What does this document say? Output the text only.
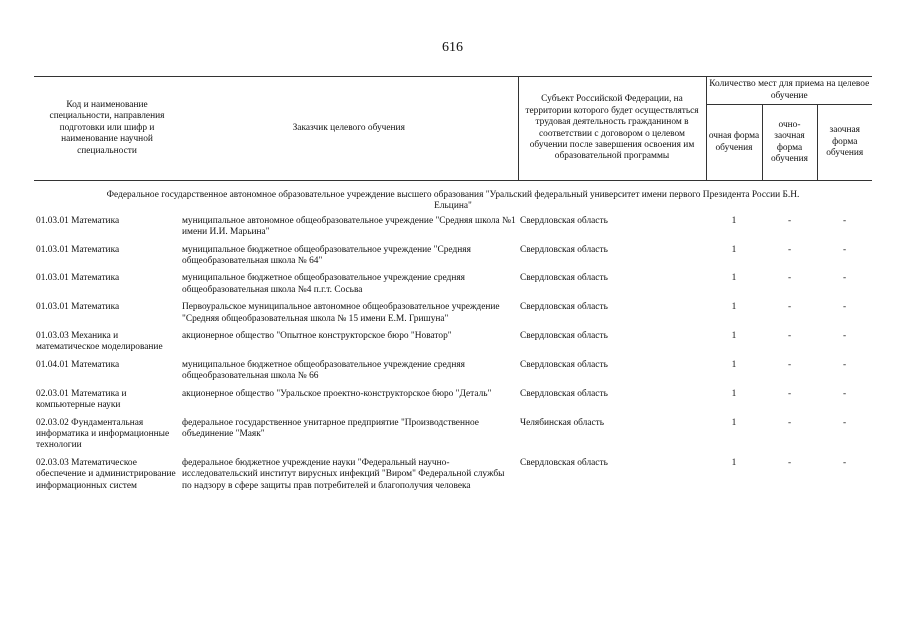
616
Код и наименование специальности, направления подготовки или шифр и наименование научной специальности	Заказчик целевого обучения	Субъект Российской Федерации, на территории которого будет осуществляться трудовая деятельность гражданином в соответствии с договором о целевом обучении после завершения освоения им образовательной программы	Количество мест для приема на целевое обучение		
			очная форма обучения	очно-заочная форма обучения	заочная форма обучения
Федеральное государственное автономное образовательное учреждение высшего образования "Уральский федеральный университет имени первого Президента России Б.Н. Ельцина"					
01.03.01 Математика	муниципальное автономное общеобразовательное учреждение "Средняя школа №1 имени И.И. Марьина"	Свердловская область	1	-	-
01.03.01 Математика	муниципальное бюджетное общеобразовательное учреждение "Средняя общеобразовательная школа № 64"	Свердловская область	1	-	-
01.03.01 Математика	муниципальное бюджетное общеобразовательное учреждение средняя общеобразовательная школа №4 п.г.т. Сосьва	Свердловская область	1	-	-
01.03.01 Математика	Первоуральское муниципальное автономное общеобразовательное учреждение "Средняя общеобразовательная школа № 15 имени Е.М. Гришуна"	Свердловская область	1	-	-
01.03.03 Механика и математическое моделирование	акционерное общество "Опытное конструкторское бюро "Новатор"	Свердловская область	1	-	-
01.04.01 Математика	муниципальное бюджетное общеобразовательное учреждение средняя общеобразовательная школа № 66	Свердловская область	1	-	-
02.03.01 Математика и компьютерные науки	акционерное общество "Уральское проектно-конструкторское бюро "Деталь"	Свердловская область	1	-	-
02.03.02 Фундаментальная информатика и информационные технологии	федеральное государственное унитарное предприятие "Производственное объединение "Маяк"	Челябинская область	1	-	-
02.03.03 Математическое обеспечение и администрирование информационных систем	федеральное бюджетное учреждение науки "Федеральный научно-исследовательский институт вирусных инфекций "Виром" Федеральной службы по надзору в сфере защиты прав потребителей и благополучия человека	Свердловская область	1	-	-
